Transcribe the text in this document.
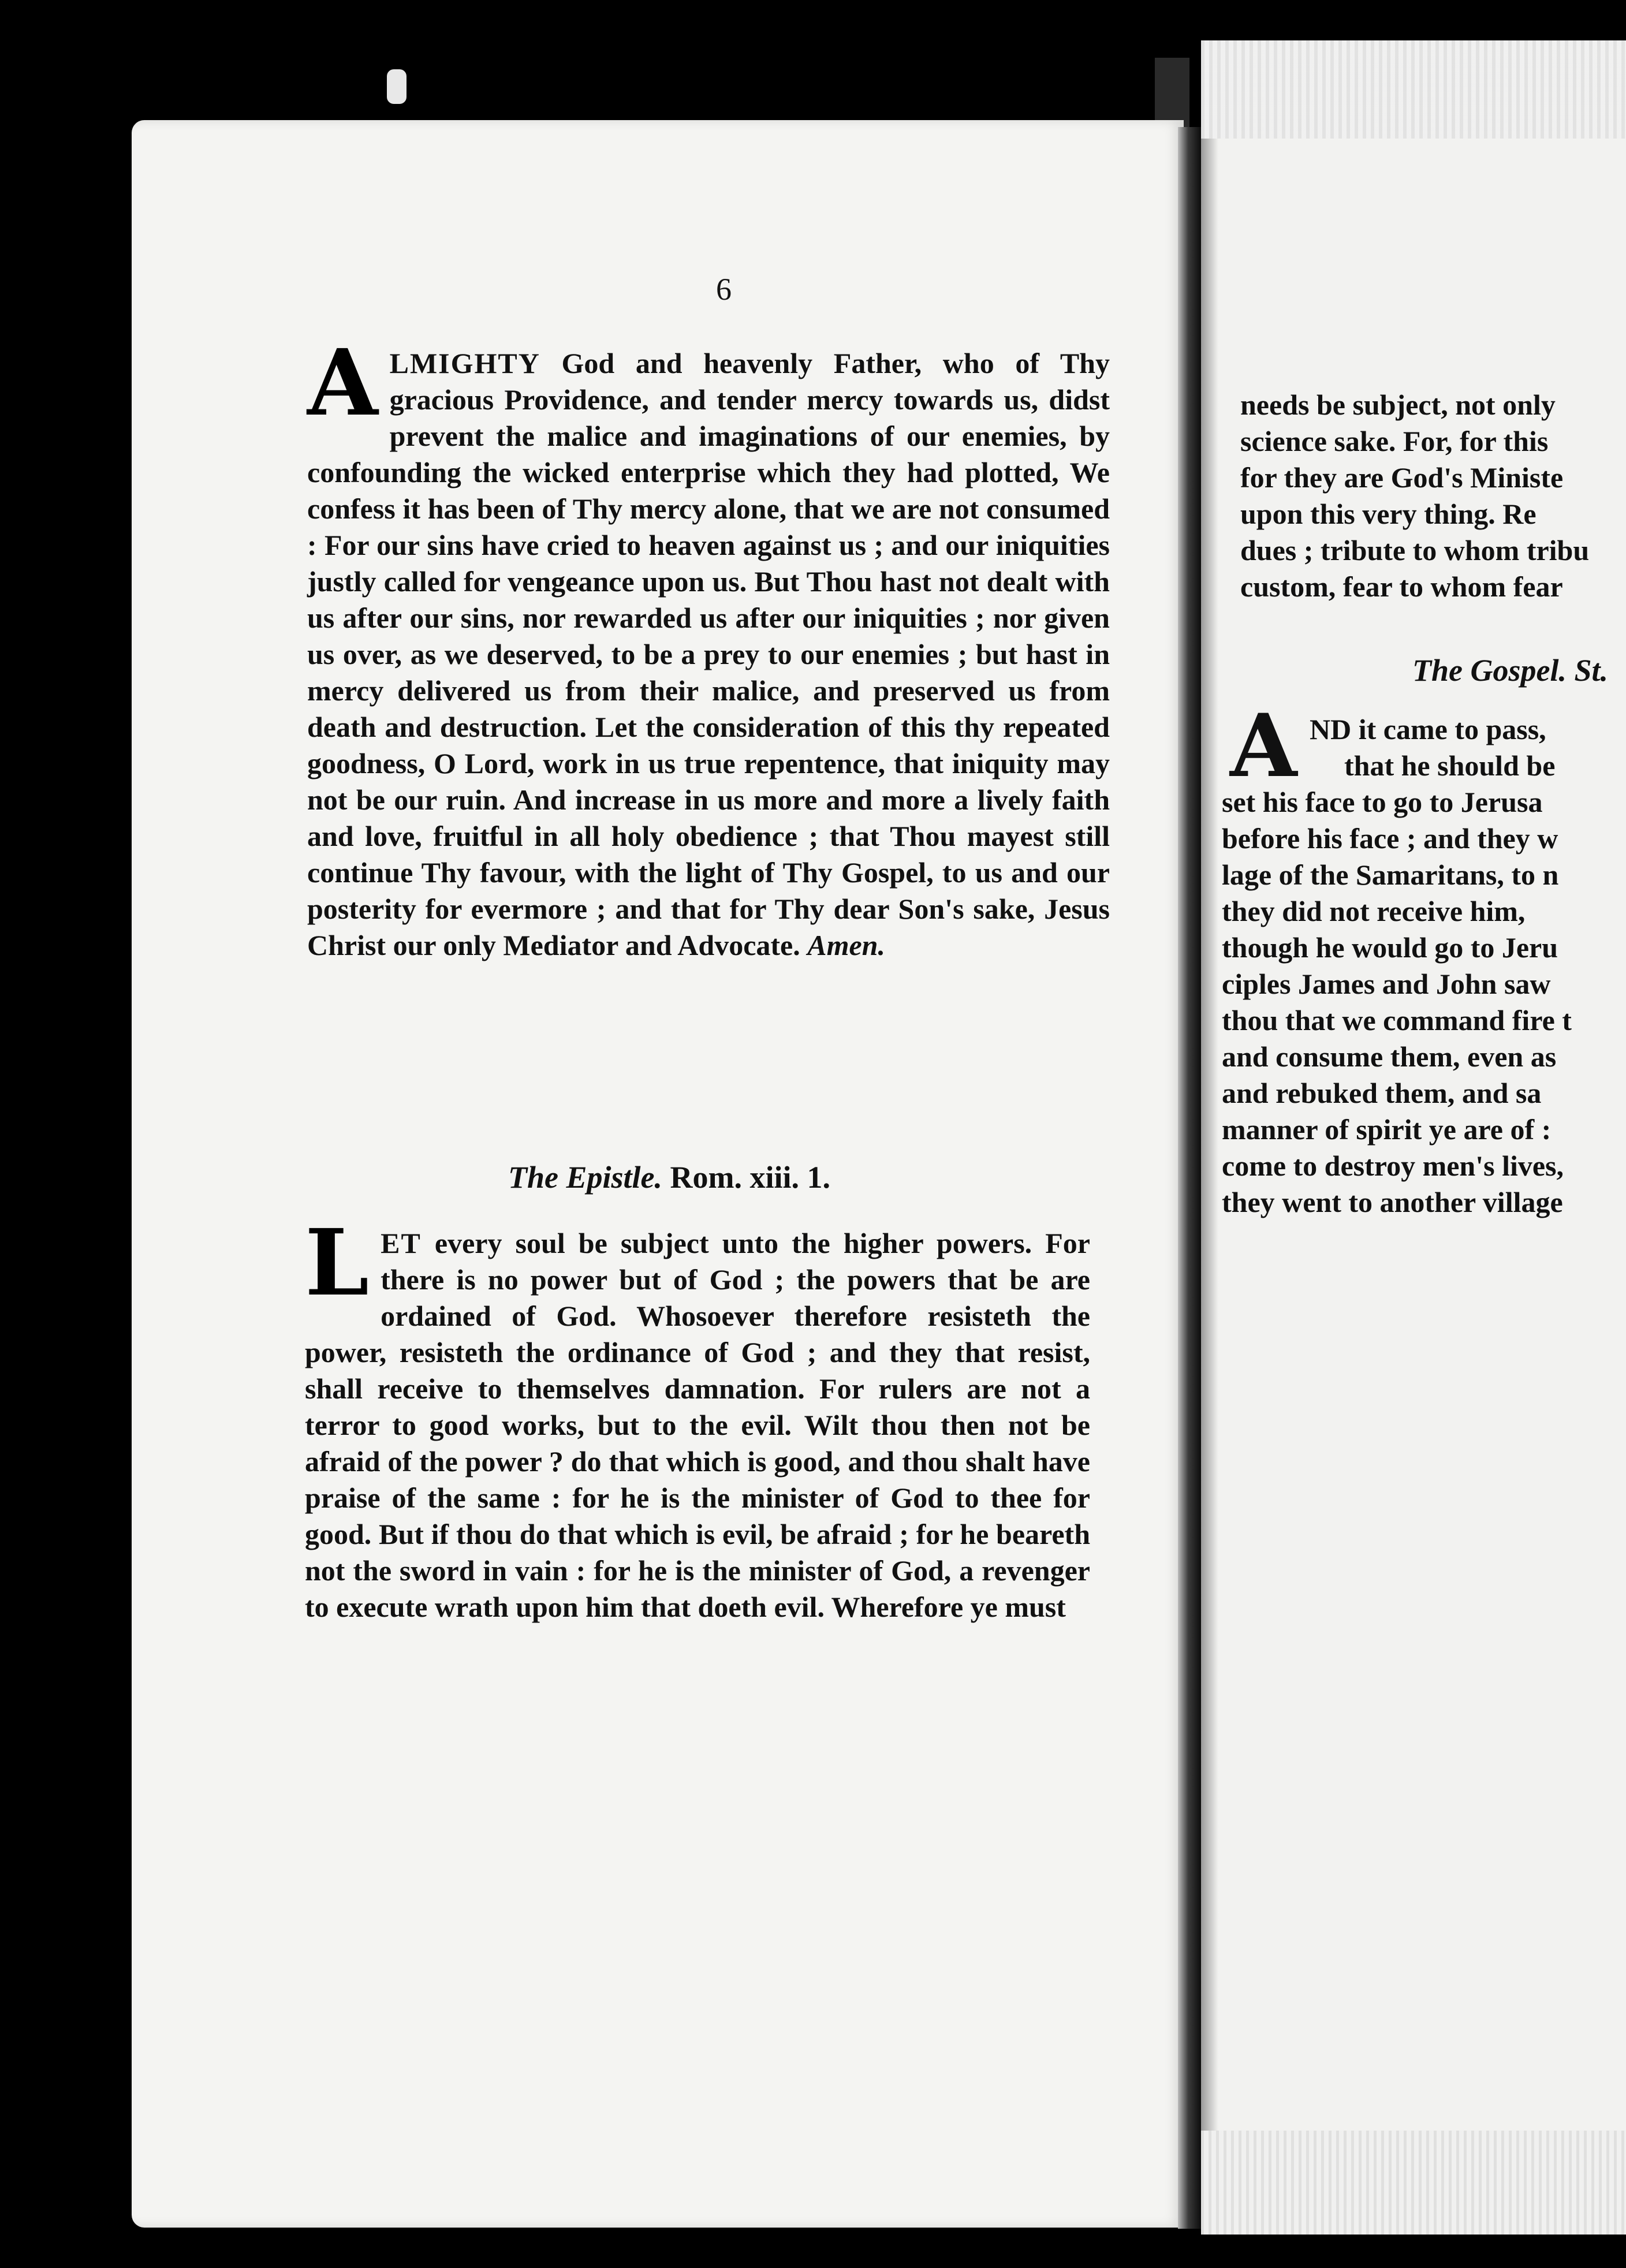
6
A LMIGHTY God and heavenly Father, who of Thy gracious Providence, and tender mercy towards us, didst prevent the malice and imaginations of our enemies, by confounding the wicked enterprise which they had plotted, We confess it has been of Thy mercy alone, that we are not consumed : For our sins have cried to heaven against us ; and our iniquities justly called for vengeance upon us. But Thou hast not dealt with us after our sins, nor rewarded us after our iniquities ; nor given us over, as we deserved, to be a prey to our enemies ; but hast in mercy delivered us from their malice, and preserved us from death and destruction. Let the consideration of this thy repeated goodness, O Lord, work in us true repentence, that iniquity may not be our ruin. And increase in us more and more a lively faith and love, fruitful in all holy obedience ; that Thou mayest still continue Thy favour, with the light of Thy Gospel, to us and our posterity for evermore ; and that for Thy dear Son's sake, Jesus Christ our only Mediator and Advocate. Amen.

The Epistle. Rom. xiii. 1.
L ET every soul be subject unto the higher powers. For there is no power but of God ; the powers that be are ordained of God. Whosoever therefore resisteth the power, resisteth the ordinance of God ; and they that resist, shall receive to themselves damnation. For rulers are not a terror to good works, but to the evil. Wilt thou then not be afraid of the power ? do that which is good, and thou shalt have praise of the same : for he is the minister of God to thee for good. But if thou do that which is evil, be afraid ; for he beareth not the sword in vain : for he is the minister of God, a revenger to execute wrath upon him that doeth evil. Wherefore ye must

needs be subject, not only
science sake. For, for this
for they are God's Ministe
upon this very thing. Re
dues ; tribute to whom tribu
custom, fear to whom fear
The Gospel. St.
A ND it came to pass,
that he should be
set his face to go to Jerusa
before his face ; and they w
lage of the Samaritans, to n
they did not receive him,
though he would go to Jeru
ciples James and John saw
thou that we command fire t
and consume them, even as
and rebuked them, and sa
manner of spirit ye are of :
come to destroy men's lives,
they went to another village
